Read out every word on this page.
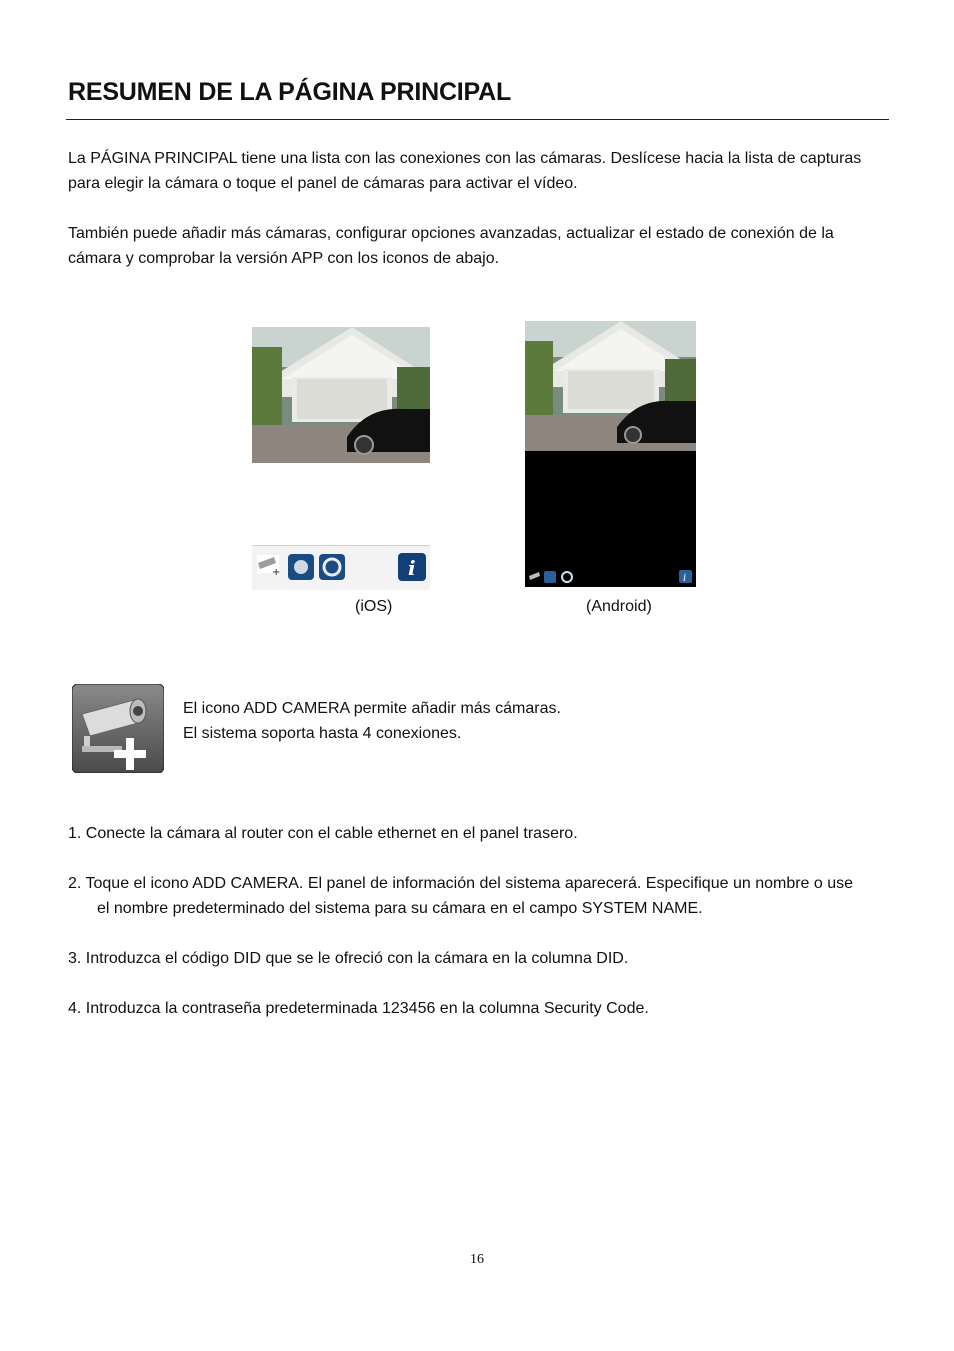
RESUMEN DE LA PÁGINA PRINCIPAL
La PÁGINA PRINCIPAL tiene una lista con las conexiones con las cámaras. Deslícese hacia la lista de capturas
para elegir la cámara o toque el panel de cámaras para activar el vídeo.
También puede añadir más cámaras, configurar opciones avanzadas, actualizar el estado de conexión de la
cámara y comprobar la versión APP con los iconos de abajo.
+	i	i
(iOS)	(Android)
El icono ADD CAMERA permite añadir más cámaras.
El sistema soporta hasta 4 conexiones.
1. Conecte la cámara al router con el cable ethernet en el panel trasero.
2. Toque el icono ADD CAMERA. El panel de información del sistema aparecerá. Especifique un nombre o use
el nombre predeterminado del sistema para su cámara en el campo SYSTEM NAME.
3. Introduzca el código DID que se le ofreció con la cámara en la columna DID.
4. Introduzca la contraseña predeterminada 123456 en la columna Security Code.
16
